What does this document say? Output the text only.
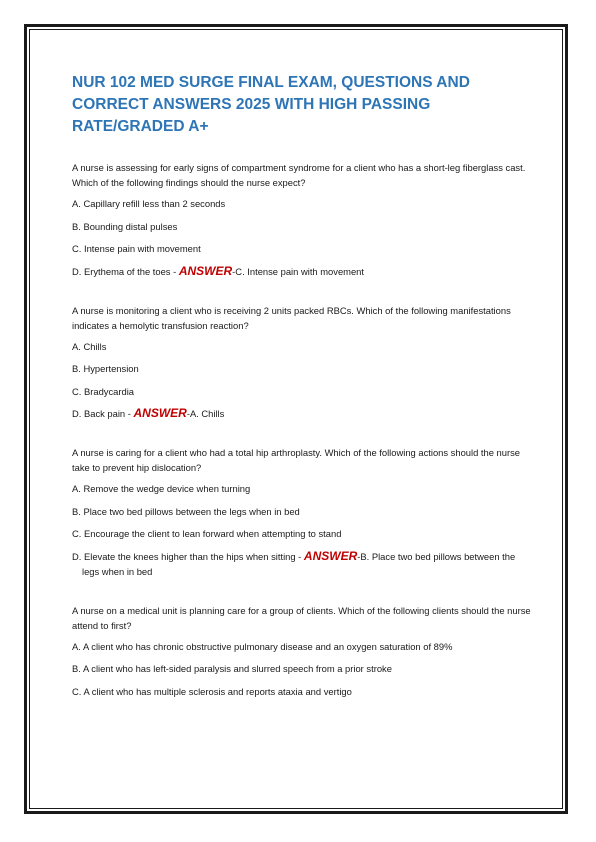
NUR 102 MED SURGE FINAL EXAM, QUESTIONS AND CORRECT ANSWERS 2025 WITH HIGH PASSING RATE/GRADED A+

A nurse is assessing for early signs of compartment syndrome for a client who has a short-leg fiberglass cast. Which of the following findings should the nurse expect?

A. Capillary refill less than 2 seconds

B. Bounding distal pulses

C. Intense pain with movement

D. Erythema of the toes - ANSWER-C. Intense pain with movement

A nurse is monitoring a client who is receiving 2 units packed RBCs. Which of the following manifestations indicates a hemolytic transfusion reaction?

A. Chills

B. Hypertension

C. Bradycardia

D. Back pain - ANSWER-A. Chills

A nurse is caring for a client who had a total hip arthroplasty. Which of the following actions should the nurse take to prevent hip dislocation?

A. Remove the wedge device when turning

B. Place two bed pillows between the legs when in bed

C. Encourage the client to lean forward when attempting to stand

D. Elevate the knees higher than the hips when sitting - ANSWER-B. Place two bed pillows between the legs when in bed

A nurse on a medical unit is planning care for a group of clients. Which of the following clients should the nurse attend to first?

A. A client who has chronic obstructive pulmonary disease and an oxygen saturation of 89%

B. A client who has left-sided paralysis and slurred speech from a prior stroke

C. A client who has multiple sclerosis and reports ataxia and vertigo
